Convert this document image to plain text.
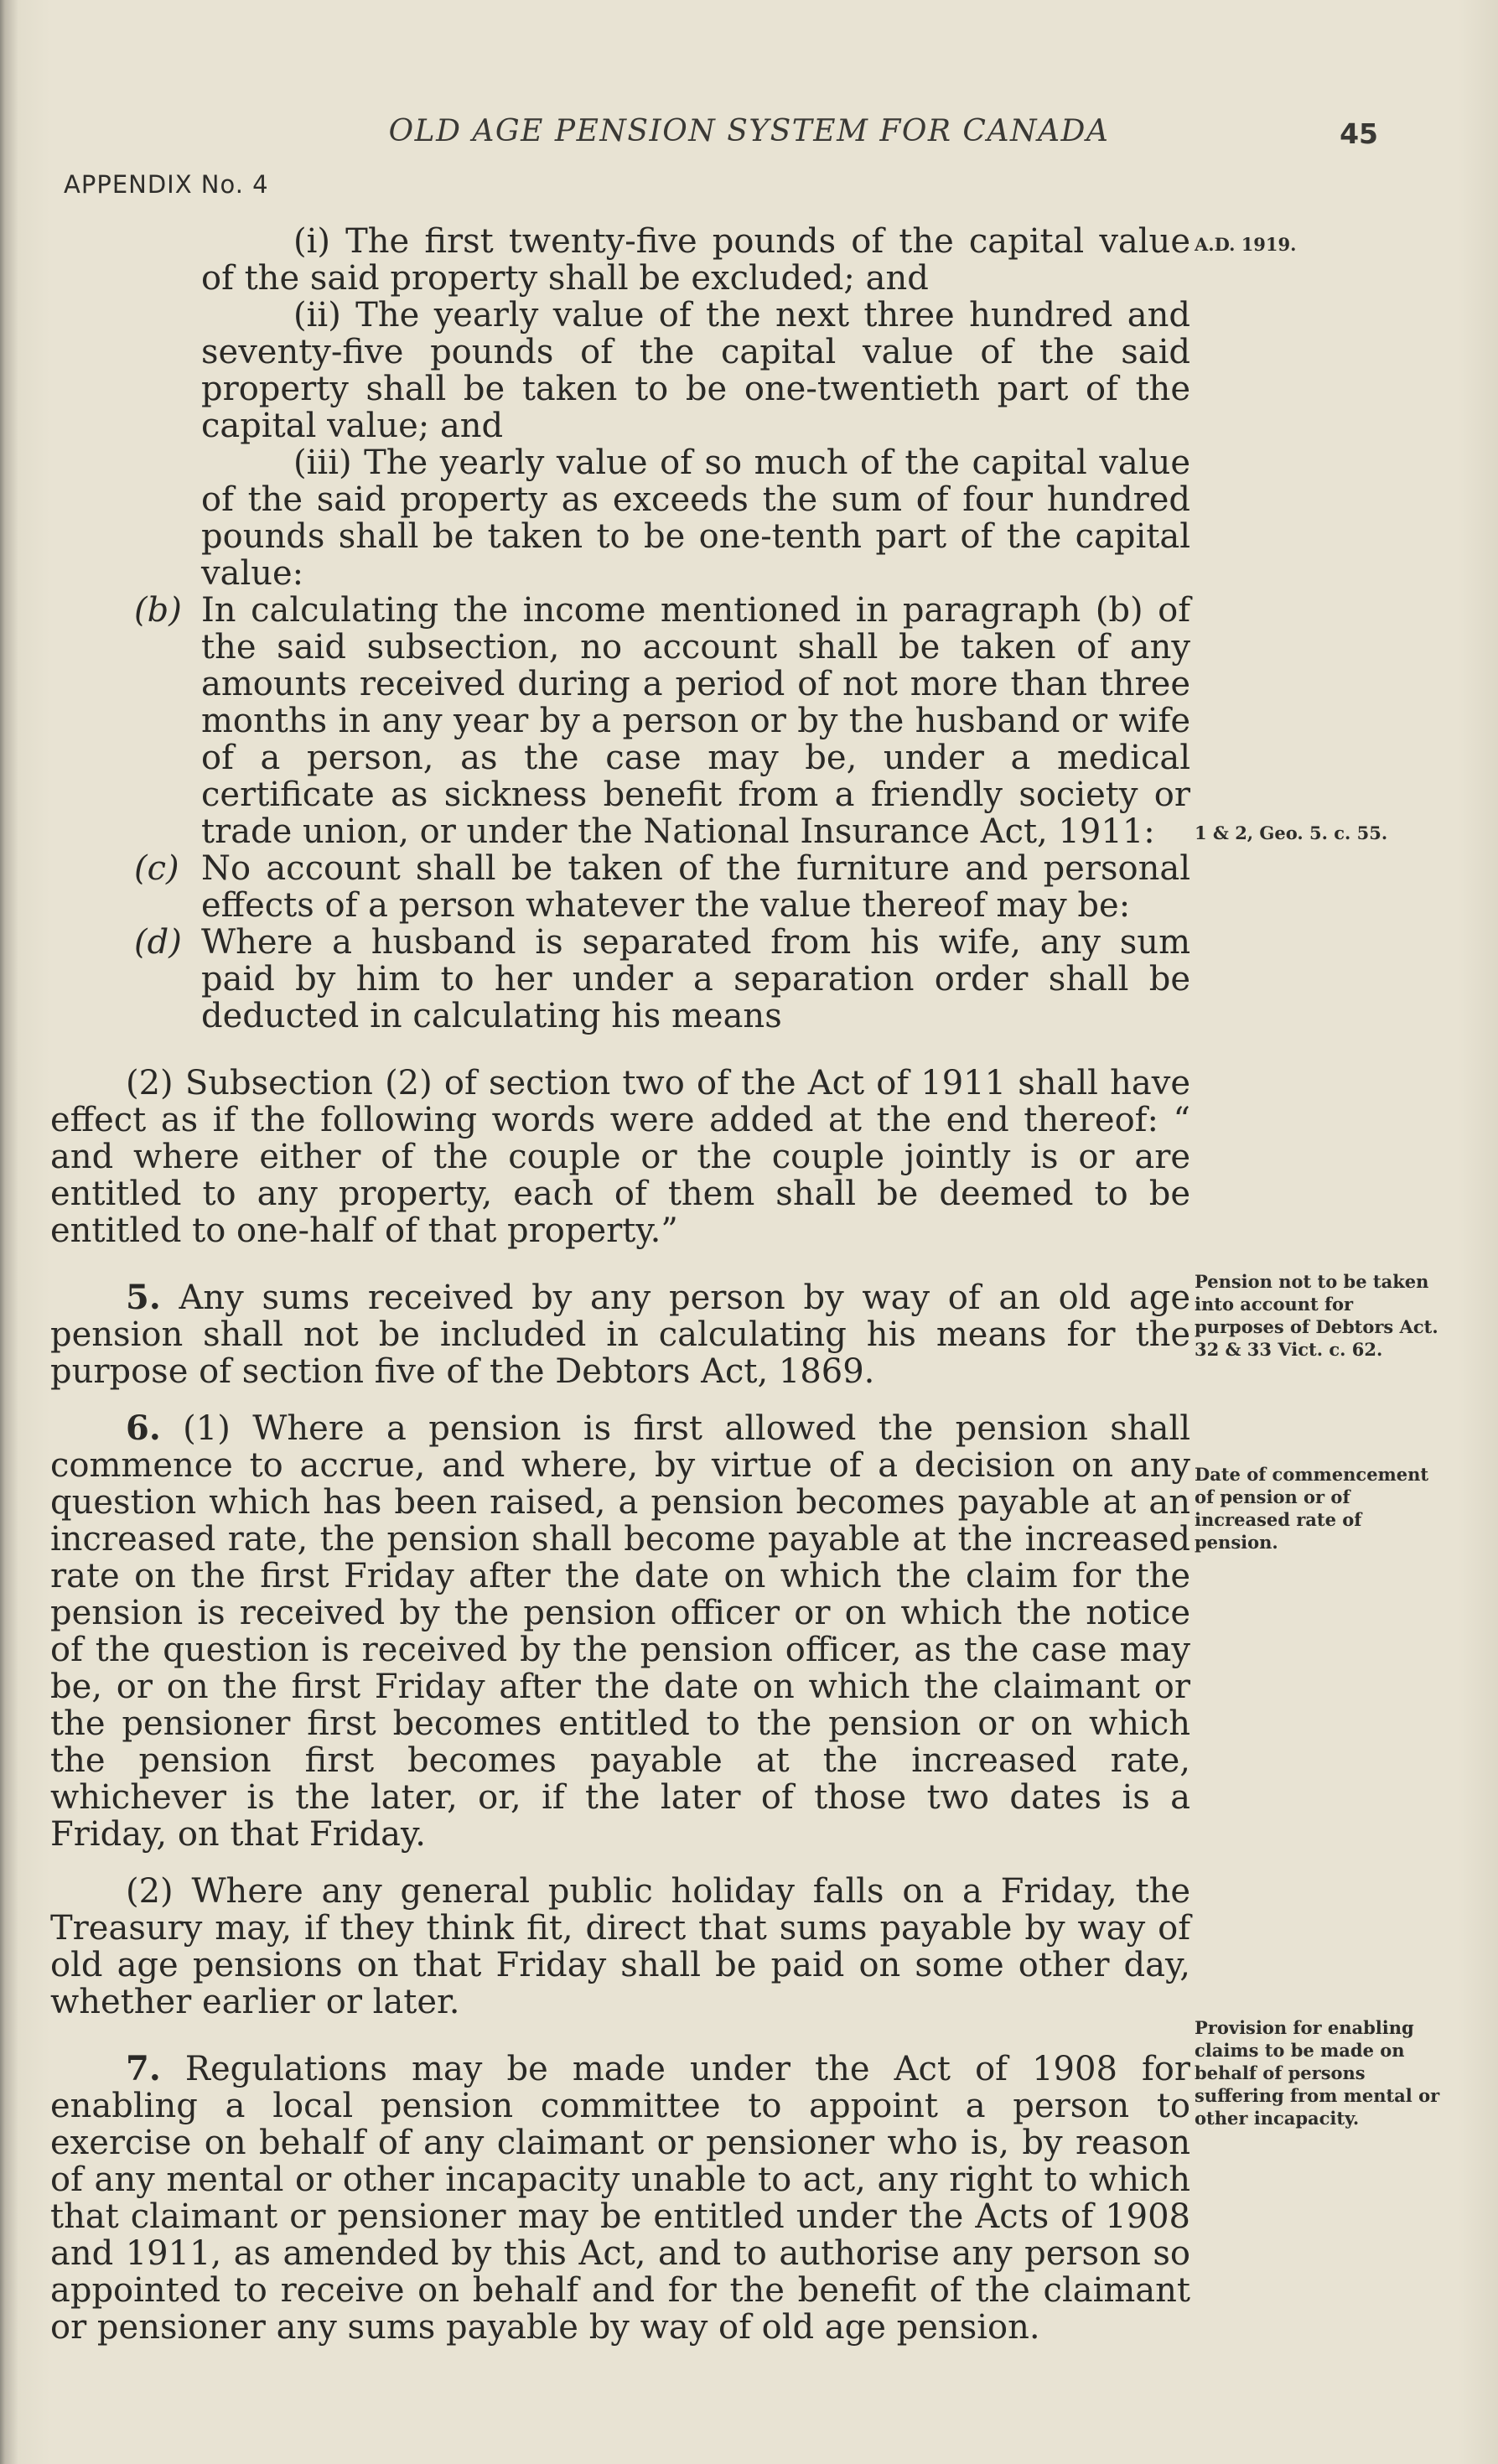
OLD AGE PENSION SYSTEM FOR CANADA	45
APPENDIX No. 4

(i) The first twenty-five pounds of the capital value of the said property shall be excluded; and

(ii) The yearly value of the next three hundred and seventy-five pounds of the capital value of the said property shall be taken to be one-twentieth part of the capital value; and

(iii) The yearly value of so much of the capital value of the said property as exceeds the sum of four hundred pounds shall be taken to be one-tenth part of the capital value:

(b) In calculating the income mentioned in paragraph (b) of the said subsection, no account shall be taken of any amounts received during a period of not more than three months in any year by a person or by the husband or wife of a person, as the case may be, under a medical certificate as sickness benefit from a friendly society or trade union, or under the National Insurance Act, 1911:
(c) No account shall be taken of the furniture and personal effects of a person whatever the value thereof may be:
(d) Where a husband is separated from his wife, any sum paid by him to her under a separation order shall be deducted in calculating his means

(2) Subsection (2) of section two of the Act of 1911 shall have effect as if the following words were added at the end thereof: “ and where either of the couple or the couple jointly is or are entitled to any property, each of them shall be deemed to be entitled to one-half of that property.”

5. Any sums received by any person by way of an old age pension shall not be included in calculating his means for the purpose of section five of the Debtors Act, 1869.

6. (1) Where a pension is first allowed the pension shall commence to accrue, and where, by virtue of a decision on any question which has been raised, a pension becomes payable at an increased rate, the pension shall become payable at the increased rate on the first Friday after the date on which the claim for the pension is received by the pension officer or on which the notice of the question is received by the pension officer, as the case may be, or on the first Friday after the date on which the claimant or the pensioner first becomes entitled to the pension or on which the pension first becomes payable at the increased rate, whichever is the later, or, if the later of those two dates is a Friday, on that Friday.

(2) Where any general public holiday falls on a Friday, the Treasury may, if they think fit, direct that sums payable by way of old age pensions on that Friday shall be paid on some other day, whether earlier or later.

7. Regulations may be made under the Act of 1908 for enabling a local pension committee to appoint a person to exercise on behalf of any claimant or pensioner who is, by reason of any mental or other incapacity unable to act, any right to which that claimant or pensioner may be entitled under the Acts of 1908 and 1911, as amended by this Act, and to authorise any person so appointed to receive on behalf and for the benefit of the claimant or pensioner any sums payable by way of old age pension.

A.D. 1919.
1 & 2, Geo. 5. c. 55.
Pension not to be taken into account for purposes of Debtors Act. 32 & 33 Vict. c. 62.
Date of commencement of pension or of increased rate of pension.
Provision for enabling claims to be made on behalf of persons suffering from mental or other incapacity.
